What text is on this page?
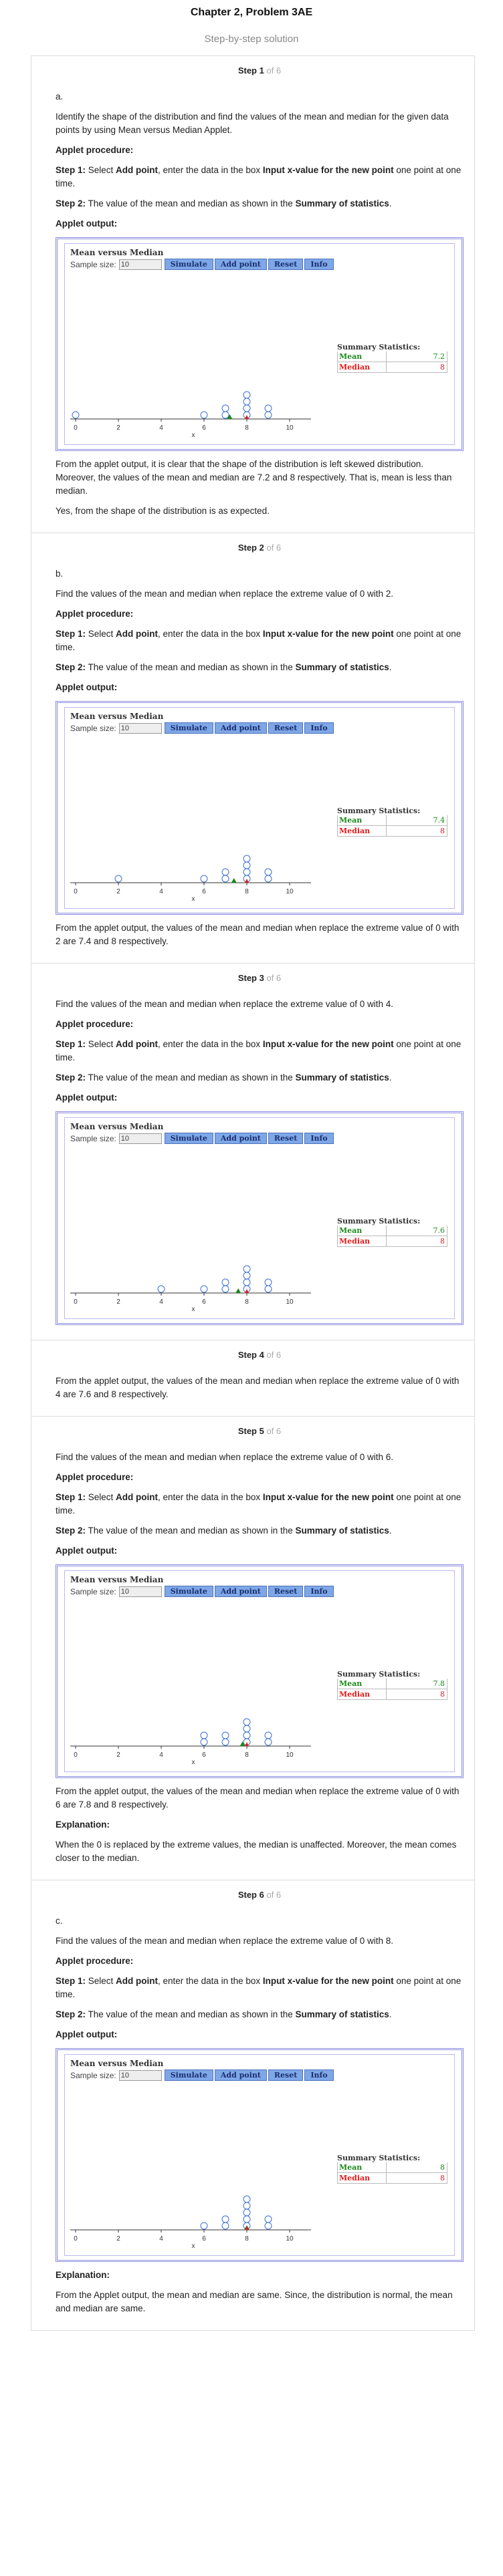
Chapter 2, Problem 3AE
Step-by-step solution
Step 1 of 6

a.

Identify the shape of the distribution and find the values of the mean and median for the given data points by using Mean versus Median Applet.

Applet procedure:

Step 1: Select Add point, enter the data in the box Input x-value for the new point one point at one time.

Step 2: The value of the mean and median as shown in the Summary of statistics.

Applet output:

Mean versus Median
Sample size: 10	Simulate	Add point	Reset	Info
Summary Statistics:
Mean	7.2
Median	8
0	2	4	6	8	10
x

From the applet output, it is clear that the shape of the distribution is left skewed distribution. Moreover, the values of the mean and median are 7.2 and 8 respectively. That is, mean is less than median.

Yes, from the shape of the distribution is as expected.

Step 2 of 6

b.

Find the values of the mean and median when replace the extreme value of 0 with 2.

Applet procedure:

Step 1: Select Add point, enter the data in the box Input x-value for the new point one point at one time.

Step 2: The value of the mean and median as shown in the Summary of statistics.

Applet output:

Mean versus Median
Sample size: 10	Simulate	Add point	Reset	Info
Summary Statistics:
Mean	7.4
Median	8
0	2	4	6	8	10
x

From the applet output, the values of the mean and median when replace the extreme value of 0 with 2 are 7.4 and 8 respectively.

Step 3 of 6

Find the values of the mean and median when replace the extreme value of 0 with 4.

Applet procedure:

Step 1: Select Add point, enter the data in the box Input x-value for the new point one point at one time.

Step 2: The value of the mean and median as shown in the Summary of statistics.

Applet output:

Mean versus Median
Sample size: 10	Simulate	Add point	Reset	Info
Summary Statistics:
Mean	7.6
Median	8
0	2	4	6	8	10
x
Step 4 of 6

From the applet output, the values of the mean and median when replace the extreme value of 0 with 4 are 7.6 and 8 respectively.

Step 5 of 6

Find the values of the mean and median when replace the extreme value of 0 with 6.

Applet procedure:

Step 1: Select Add point, enter the data in the box Input x-value for the new point one point at one time.

Step 2: The value of the mean and median as shown in the Summary of statistics.

Applet output:

Mean versus Median
Sample size: 10	Simulate	Add point	Reset	Info
Summary Statistics:
Mean	7.8
Median	8
0	2	4	6	8	10
x

From the applet output, the values of the mean and median when replace the extreme value of 0 with 6 are 7.8 and 8 respectively.

Explanation:

When the 0 is replaced by the extreme values, the median is unaffected. Moreover, the mean comes closer to the median.

Step 6 of 6

c.

Find the values of the mean and median when replace the extreme value of 0 with 8.

Applet procedure:

Step 1: Select Add point, enter the data in the box Input x-value for the new point one point at one time.

Step 2: The value of the mean and median as shown in the Summary of statistics.

Applet output:

Mean versus Median
Sample size: 10	Simulate	Add point	Reset	Info
Summary Statistics:
Mean	8
Median	8
0	2	4	6	8	10
x

Explanation:

From the Applet output, the mean and median are same. Since, the distribution is normal, the mean and median are same.
